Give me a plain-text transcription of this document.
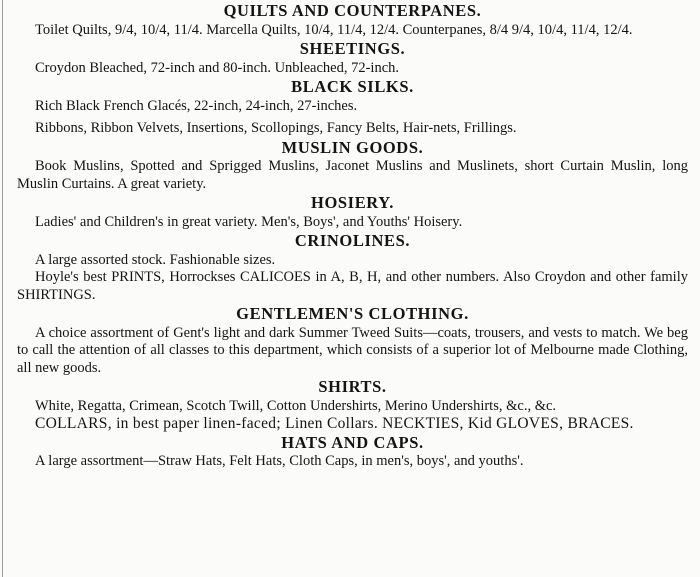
QUILTS AND COUNTERPANES.

Toilet Quilts, 9/4, 10/4, 11/4. Marcella Quilts, 10/4, 11/4, 12/4. Counterpanes, 8/4 9/4, 10/4, 11/4, 12/4.

SHEETINGS.

Croydon Bleached, 72-inch and 80-inch. Unbleached, 72-inch.

BLACK SILKS.

Rich Black French Glacés, 22-inch, 24-inch, 27-inches.

Ribbons, Ribbon Velvets, Insertions, Scollopings, Fancy Belts, Hair-nets, Frillings.

MUSLIN GOODS.

Book Muslins, Spotted and Sprigged Muslins, Jaconet Muslins and Muslinets, short Curtain Muslin, long Muslin Curtains. A great variety.

HOSIERY.

Ladies' and Children's in great variety. Men's, Boys', and Youths' Hoisery.

CRINOLINES.

A large assorted stock. Fashionable sizes.

Hoyle's best PRINTS, Horrockses CALICOES in A, B, H, and other numbers. Also Croydon and other family SHIRTINGS.

GENTLEMEN'S CLOTHING.

A choice assortment of Gent's light and dark Summer Tweed Suits—coats, trousers, and vests to match. We beg to call the attention of all classes to this department, which consists of a superior lot of Melbourne made Clothing, all new goods.

SHIRTS.

White, Regatta, Crimean, Scotch Twill, Cotton Undershirts, Merino Undershirts, &c., &c.

COLLARS, in best paper linen-faced; Linen Collars. NECKTIES, Kid GLOVES, BRACES.

HATS AND CAPS.

A large assortment—Straw Hats, Felt Hats, Cloth Caps, in men's, boys', and youths'.
